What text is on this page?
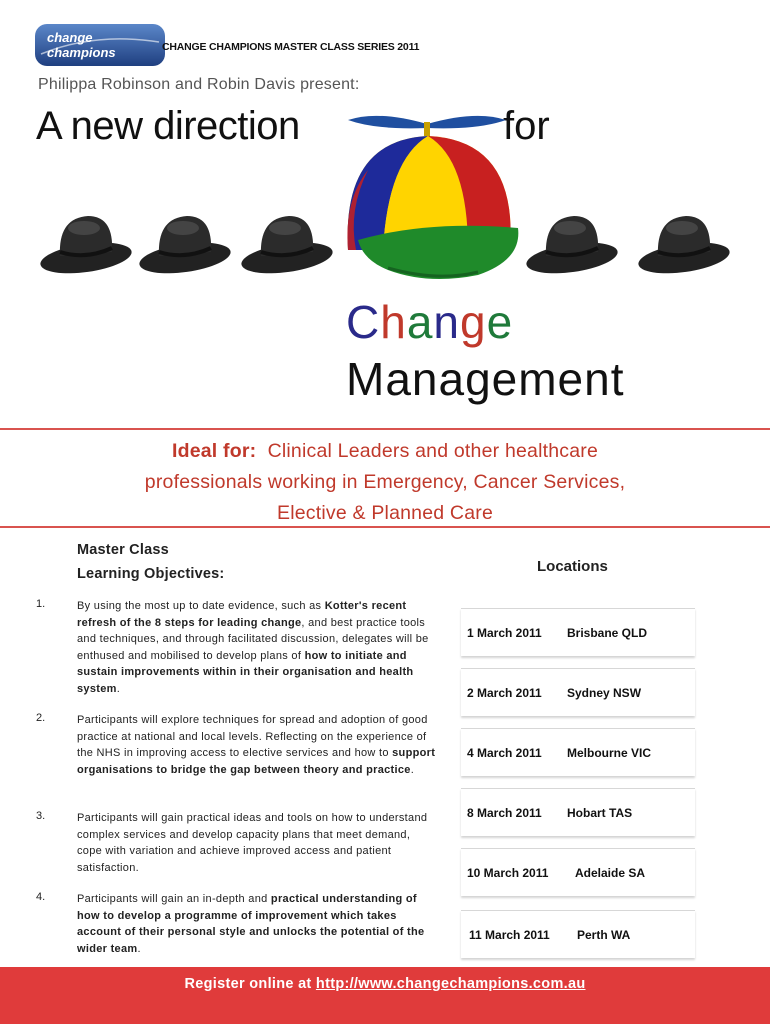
change
champions	CHANGE CHAMPIONS MASTER CLASS SERIES 2011
Philippa Robinson and Robin Davis present:
A new direction	for
Change
Management
Ideal for: Clinical Leaders and other healthcare
professionals working in Emergency, Cancer Services,
Elective & Planned Care
Master Class
Learning Objectives:	Locations
1.	By using the most up to date evidence, such as Kotter's recent refresh of the 8 steps for leading change, and best practice tools and techniques, and through facilitated discussion, delegates will be enthused and mobilised to develop plans of how to initiate and sustain improvements within in their organisation and health system.
2.	Participants will explore techniques for spread and adoption of good practice at national and local levels. Reflecting on the experience of the NHS in improving access to elective services and how to support organisations to bridge the gap between theory and practice.
3.	Participants will gain practical ideas and tools on how to understand complex services and develop capacity plans that meet demand, cope with variation and achieve improved access and patient satisfaction.
4.	Participants will gain an in-depth and practical understanding of how to develop a programme of improvement which takes account of their personal style and unlocks the potential of the wider team.
1 March 2011 Brisbane QLD
2 March 2011 Sydney NSW
4 March 2011 Melbourne VIC
8 March 2011 Hobart TAS
10 March 2011 Adelaide SA
11 March 2011 Perth WA
Register online at http://www.changechampions.com.au
